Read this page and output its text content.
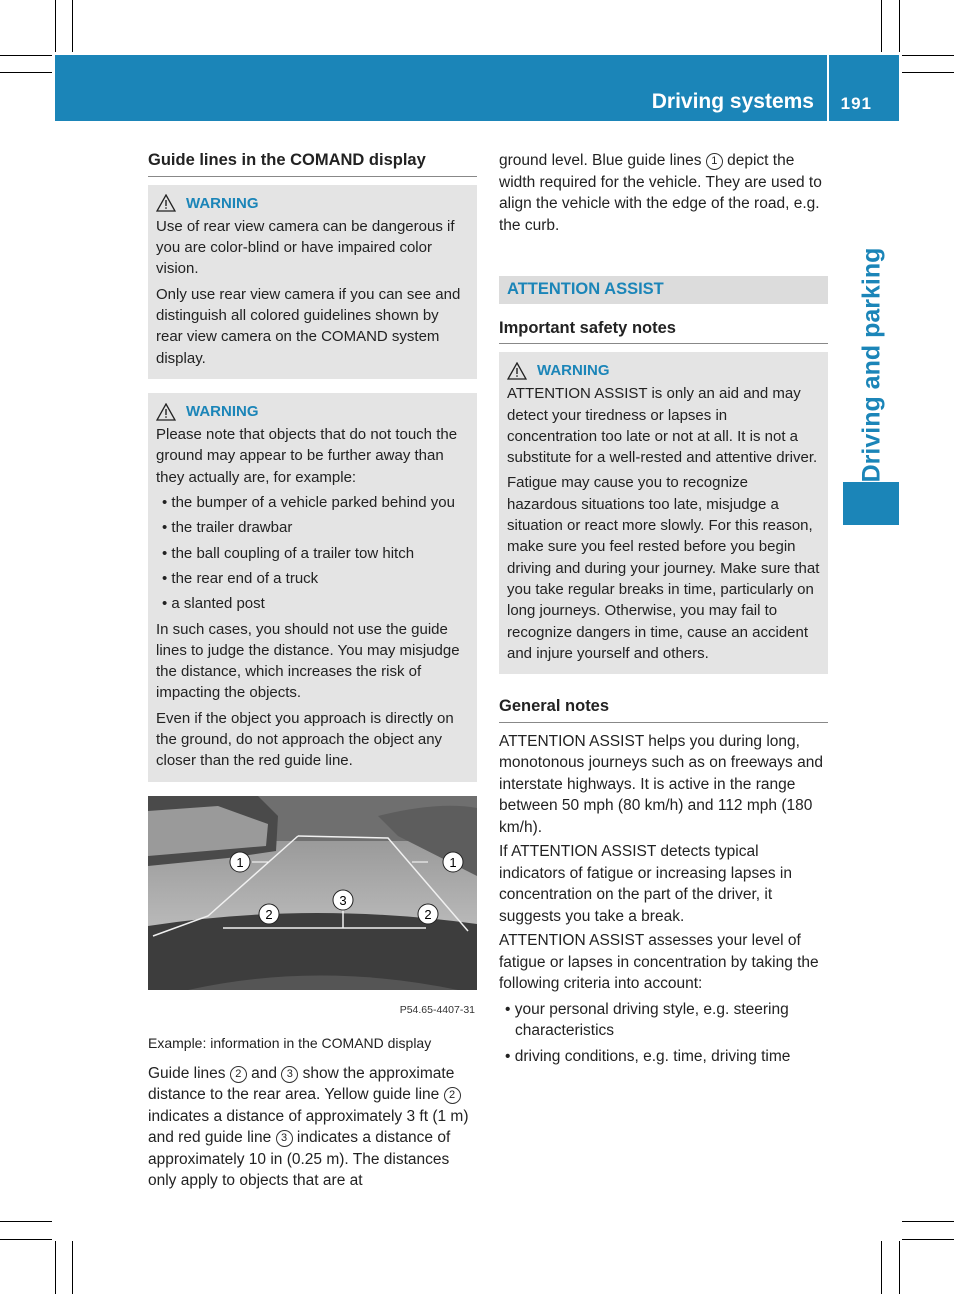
Driving systems 191
Driving and parking
Guide lines in the COMAND display
WARNING

Use of rear view camera can be dangerous if you are color-blind or have impaired color vision.

Only use rear view camera if you can see and distinguish all colored guidelines shown by rear view camera on the COMAND system display.

WARNING

Please note that objects that do not touch the ground may appear to be further away than they actually are, for example:

• the bumper of a vehicle parked behind you
• the trailer drawbar
• the ball coupling of a trailer tow hitch
• the rear end of a truck
• a slanted post

In such cases, you should not use the guide lines to judge the distance. You may misjudge the distance, which increases the risk of impacting the objects.

Even if the object you approach is directly on the ground, do not approach the object any closer than the red guide line.

1	1
2	2
3
P54.65-4407-31
Example: information in the COMAND display

Guide lines 2 and 3 show the approximate distance to the rear area. Yellow guide line 2 indicates a distance of approximately 3 ft (1 m) and red guide line 3 indicates a distance of approximately 10 in (0.25 m). The distances only apply to objects that are at

ground level. Blue guide lines 1 depict the width required for the vehicle. They are used to align the vehicle with the edge of the road, e.g. the curb.

ATTENTION ASSIST
Important safety notes
WARNING

ATTENTION ASSIST is only an aid and may detect your tiredness or lapses in concentration too late or not at all. It is not a substitute for a well-rested and attentive driver.

Fatigue may cause you to recognize hazardous situations too late, misjudge a situation or react more slowly. For this reason, make sure you feel rested before you begin driving and during your journey. Make sure that you take regular breaks in time, particularly on long journeys. Otherwise, you may fail to recognize dangers in time, cause an accident and injure yourself and others.

General notes

ATTENTION ASSIST helps you during long, monotonous journeys such as on freeways and interstate highways. It is active in the range between 50 mph (80 km/h) and 112 mph (180 km/h).

If ATTENTION ASSIST detects typical indicators of fatigue or increasing lapses in concentration on the part of the driver, it suggests you take a break.

ATTENTION ASSIST assesses your level of fatigue or lapses in concentration by taking the following criteria into account:

• your personal driving style, e.g. steering characteristics
• driving conditions, e.g. time, driving time
